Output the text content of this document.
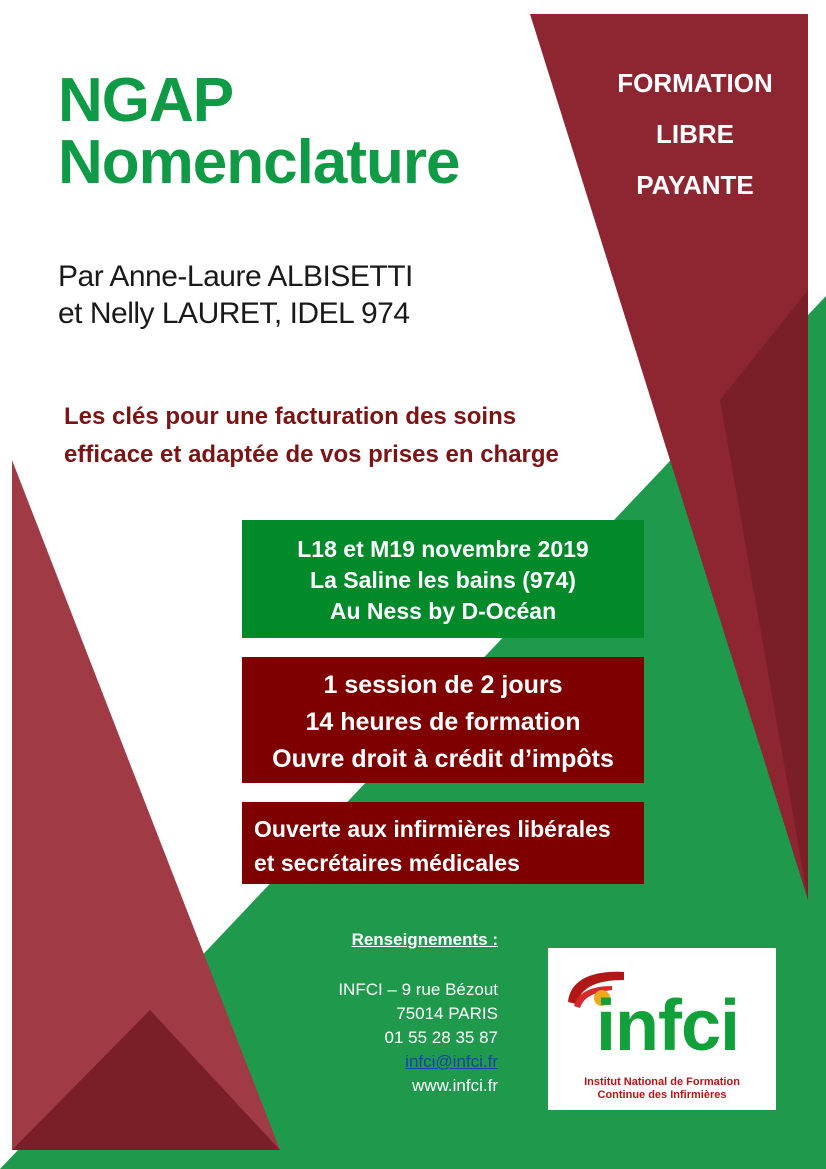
NGAP
Nomenclature
Par Anne-Laure ALBISETTI
et Nelly LAURET, IDEL 974
FORMATION
LIBRE
PAYANTE
Les clés pour une facturation des soins
efficace et adaptée de vos prises en charge
L18 et M19 novembre 2019
La Saline les bains (974)
Au Ness by D-Océan
1 session de 2 jours
14 heures de formation
Ouvre droit à crédit d’impôts
Ouverte aux infirmières libérales
et secrétaires médicales
Renseignements :
INFCI – 9 rue Bézout
75014 PARIS
01 55 28 35 87
infci@infci.fr
www.infci.fr
infci
Institut National de Formation
Continue des Infirmières
